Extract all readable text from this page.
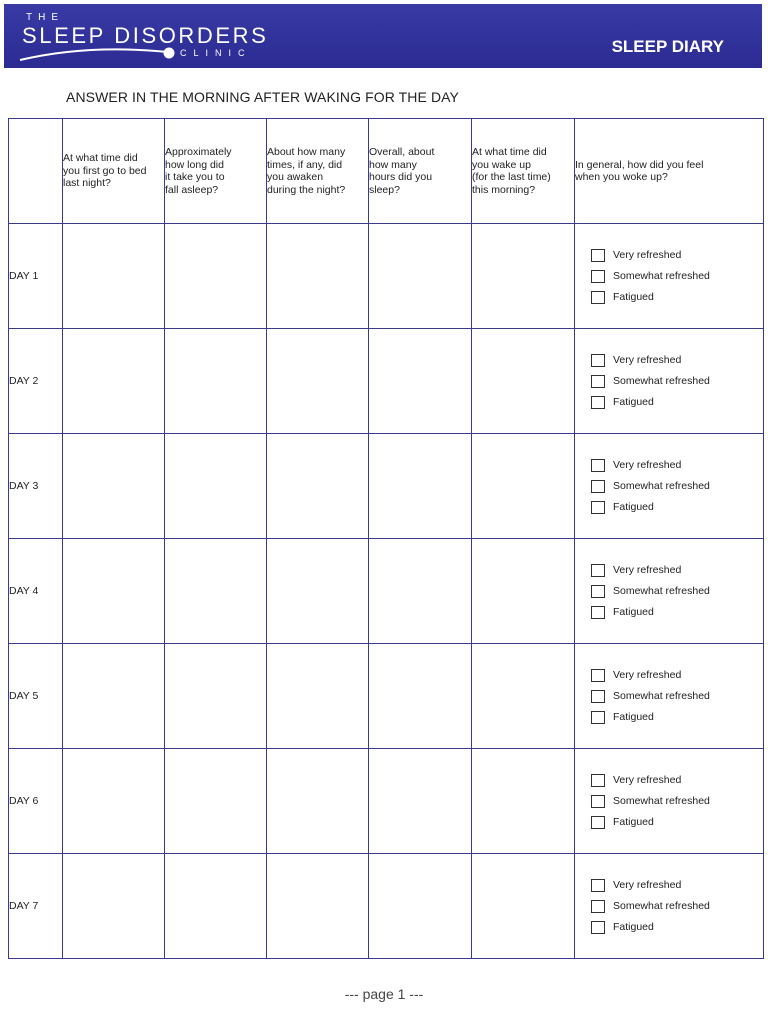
THE
SLEEP DISORDERS
CLINIC	SLEEP DIARY
ANSWER IN THE MORNING AFTER WAKING FOR THE DAY

	At what time did
you first go to bed
last night?	Approximately
how long did
it take you to
fall asleep?	About how many
times, if any, did
you awaken
during the night?	Overall, about
how many
hours did you
sleep?	At what time did
you wake up
(for the last time)
this morning?	In general, how did you feel
when you woke up?

DAY 1						Very refreshed
Somewhat refreshed
Fatigued

DAY 2						Very refreshed
Somewhat refreshed
Fatigued

DAY 3						Very refreshed
Somewhat refreshed
Fatigued

DAY 4						Very refreshed
Somewhat refreshed
Fatigued

DAY 5						Very refreshed
Somewhat refreshed
Fatigued

DAY 6						Very refreshed
Somewhat refreshed
Fatigued

DAY 7						Very refreshed
Somewhat refreshed
Fatigued
--- page 1 ---
